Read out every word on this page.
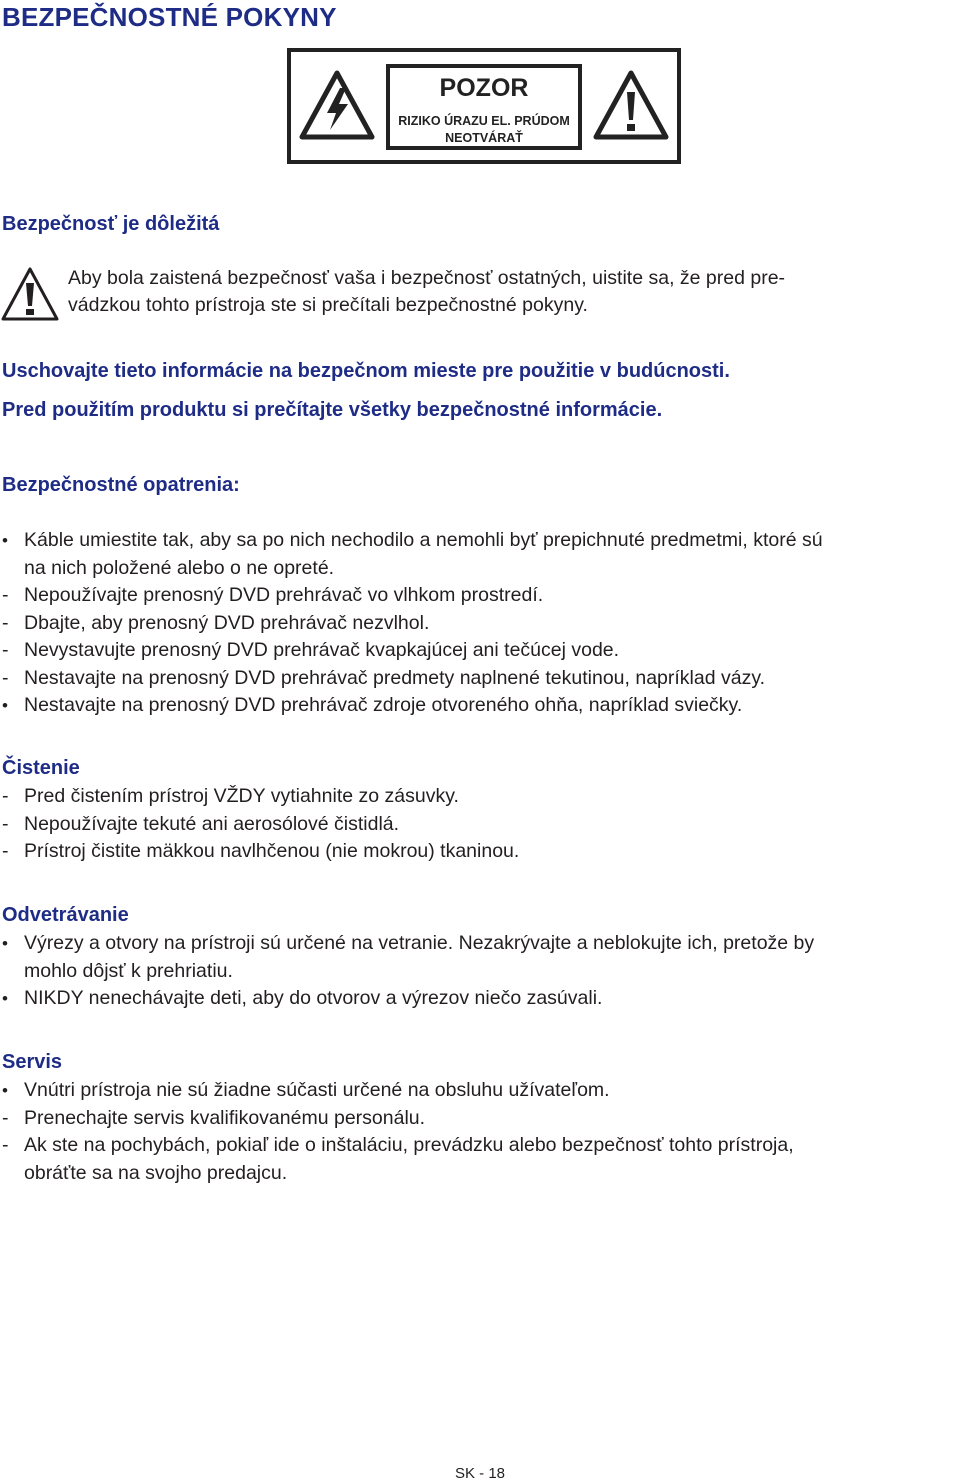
BEZPEČNOSTNÉ POKYNY
POZOR
RIZIKO ÚRAZU EL. PRÚDOM
NEOTVÁRAŤ
Bezpečnosť je dôležitá
Aby bola zaistená bezpečnosť vaša i bezpečnosť ostatných, uistite sa, že pred pre-
vádzkou tohto prístroja ste si prečítali bezpečnostné pokyny.
Uschovajte tieto informácie na bezpečnom mieste pre použitie v budúcnosti.
Pred použitím produktu si prečítajte všetky bezpečnostné informácie.
Bezpečnostné opatrenia:
• Káble umiestite tak, aby sa po nich nechodilo a nemohli byť prepichnuté predmetmi, ktoré sú
na nich položené alebo o ne opreté.
- Nepoužívajte prenosný DVD prehrávač vo vlhkom prostredí.
- Dbajte, aby prenosný DVD prehrávač nezvlhol.
- Nevystavujte prenosný DVD prehrávač kvapkajúcej ani tečúcej vode.
- Nestavajte na prenosný DVD prehrávač predmety naplnené tekutinou, napríklad vázy.
• Nestavajte na prenosný DVD prehrávač zdroje otvoreného ohňa, napríklad sviečky.
Čistenie
- Pred čistením prístroj VŽDY vytiahnite zo zásuvky.
- Nepoužívajte tekuté ani aerosólové čistidlá.
- Prístroj čistite mäkkou navlhčenou (nie mokrou) tkaninou.
Odvetrávanie
• Výrezy a otvory na prístroji sú určené na vetranie. Nezakrývajte a neblokujte ich, pretože by
mohlo dôjsť k prehriatiu.
• NIKDY nenechávajte deti, aby do otvorov a výrezov niečo zasúvali.
Servis
• Vnútri prístroja nie sú žiadne súčasti určené na obsluhu užívateľom.
- Prenechajte servis kvalifikovanému personálu.
- Ak ste na pochybách, pokiaľ ide o inštaláciu, prevádzku alebo bezpečnosť tohto prístroja,
obráťte sa na svojho predajcu.
SK - 18
